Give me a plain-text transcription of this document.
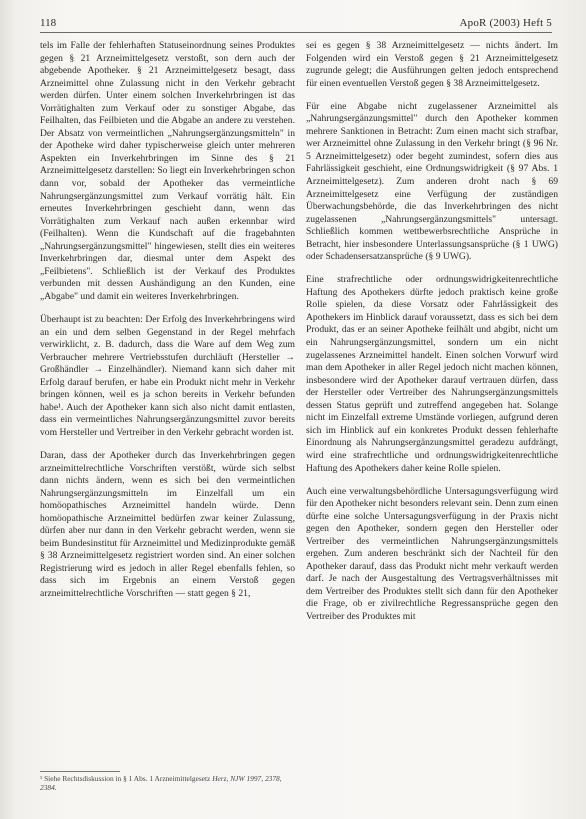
118	ApoR (2003) Heft 5

tels im Falle der fehlerhaften Statuseinordnung seines Produktes gegen § 21 Arzneimittelgesetz verstoßt, son dern auch der abgebende Apotheker. § 21 Arzneimittelgesetz besagt, dass Arzneimittel ohne Zulassung nicht in den Verkehr gebracht werden dürfen. Unter einem solchen Inverkehrbringen ist das Vorrätighalten zum Verkauf oder zu sonstiger Abgabe, das Feilhalten, das Feilbieten und die Abgabe an andere zu verstehen. Der Absatz von vermeintlichen „Nahrungsergänzungsmitteln" in der Apotheke wird daher typischerweise gleich unter mehreren Aspekten ein Inverkehrbringen im Sinne des § 21 Arzneimittelgesetz darstellen: So liegt ein Inverkehrbringen schon dann vor, sobald der Apotheker das vermeintliche Nahrungsergänzungsmittel zum Verkauf vorrätig hält. Ein erneutes Inverkehrbringen geschieht dann, wenn das Vorrätighalten zum Verkauf nach außen erkennbar wird (Feilhalten). Wenn die Kundschaft auf die fragebahnten „Nahrungsergänzungsmittel" hingewiesen, stellt dies ein weiteres Inverkehrbringen dar, diesmal unter dem Aspekt des „Feilbietens". Schließlich ist der Verkauf des Produktes verbunden mit dessen Aushändigung an den Kunden, eine „Abgabe" und damit ein weiteres Inverkehrbringen.

Überhaupt ist zu beachten: Der Erfolg des Inverkehrbringens wird an ein und dem selben Gegenstand in der Regel mehrfach verwirklicht, z. B. dadurch, dass die Ware auf dem Weg zum Verbraucher mehrere Vertriebsstufen durchläuft (Hersteller → Großhändler → Einzelhändler). Niemand kann sich daher mit Erfolg darauf berufen, er habe ein Produkt nicht mehr in Verkehr bringen können, weil es ja schon bereits in Verkehr befunden habe¹. Auch der Apotheker kann sich also nicht damit entlasten, dass ein vermeintliches Nahrungsergänzungsmittel zuvor bereits vom Hersteller und Vertreiber in den Verkehr gebracht worden ist.

Daran, dass der Apotheker durch das Inverkehrbringen gegen arzneimittelrechtliche Vorschriften verstößt, würde sich selbst dann nichts ändern, wenn es sich bei den vermeintlichen Nahrungsergänzungsmitteln im Einzelfall um ein homöopathisches Arzneimittel handeln würde. Denn homöopathische Arzneimittel bedürfen zwar keiner Zulassung, dürfen aber nur dann in den Verkehr gebracht werden, wenn sie beim Bundesinstitut für Arzneimittel und Medizinprodukte gemäß § 38 Arzneimittelgesetz registriert worden sind. An einer solchen Registrierung wird es jedoch in aller Regel ebenfalls fehlen, so dass sich im Ergebnis an einem Verstoß gegen arzneimittelrechtliche Vorschriften — statt gegen § 21,

sei es gegen § 38 Arzneimittelgesetz — nichts ändert. Im Folgenden wird ein Verstoß gegen § 21 Arzneimittelgesetz zugrunde gelegt; die Ausführungen gelten jedoch entsprechend für einen eventuellen Verstoß gegen § 38 Arzneimittelgesetz.

Für eine Abgabe nicht zugelassener Arzneimittel als „Nahrungsergänzungsmittel" durch den Apotheker kommen mehrere Sanktionen in Betracht: Zum einen macht sich strafbar, wer Arzneimittel ohne Zulassung in den Verkehr bringt (§ 96 Nr. 5 Arzneimittelgesetz) oder begeht zumindest, sofern dies aus Fahrlässigkeit geschieht, eine Ordnungswidrigkeit (§ 97 Abs. 1 Arzneimittelgesetz). Zum anderen droht nach § 69 Arzneimittelgesetz eine Verfügung der zuständigen Überwachungsbehörde, die das Inverkehrbringen des nicht zugelassenen „Nahrungsergänzungsmittels" untersagt. Schließlich kommen wettbewerbsrechtliche Ansprüche in Betracht, hier insbesondere Unterlassungsansprüche (§ 1 UWG) oder Schadensersatzansprüche (§ 9 UWG).

Eine strafrechtliche oder ordnungswidrigkeitenrechtliche Haftung des Apothekers dürfte jedoch praktisch keine große Rolle spielen, da diese Vorsatz oder Fahrlässigkeit des Apothekers im Hinblick darauf voraussetzt, dass es sich bei dem Produkt, das er an seiner Apotheke feilhält und abgibt, nicht um ein Nahrungsergänzungsmittel, sondern um ein nicht zugelassenes Arzneimittel handelt. Einen solchen Vorwurf wird man dem Apotheker in aller Regel jedoch nicht machen können, insbesondere wird der Apotheker darauf vertrauen dürfen, dass der Hersteller oder Vertreiber des Nahrungsergänzungsmittels dessen Status geprüft und zutreffend angegeben hat. Solange nicht im Einzelfall extreme Umstände vorliegen, aufgrund deren sich im Hinblick auf ein konkretes Produkt dessen fehlerhafte Einordnung als Nahrungsergänzungsmittel geradezu aufdrängt, wird eine strafrechtliche und ordnungswidrigkeitenrechtliche Haftung des Apothekers daher keine Rolle spielen.

Auch eine verwaltungsbehördliche Untersagungsverfügung wird für den Apotheker nicht besonders relevant sein. Denn zum einen dürfte eine solche Untersagungsverfügung in der Praxis nicht gegen den Apotheker, sondern gegen den Hersteller oder Vertreiber des vermeintlichen Nahrungsergänzungsmittels ergehen. Zum anderen beschränkt sich der Nachteil für den Apotheker darauf, dass das Produkt nicht mehr verkauft werden darf. Je nach der Ausgestaltung des Vertragsverhältnisses mit dem Vertreiber des Produktes stellt sich dann für den Apotheker die Frage, ob er zivilrechtliche Regressansprüche gegen den Vertreiber des Produktes mit

¹ Siehe Rechtsdiskussion in § 1 Abs. 1 Arzneimittelgesetz Herz, NJW 1997, 2378, 2384.
